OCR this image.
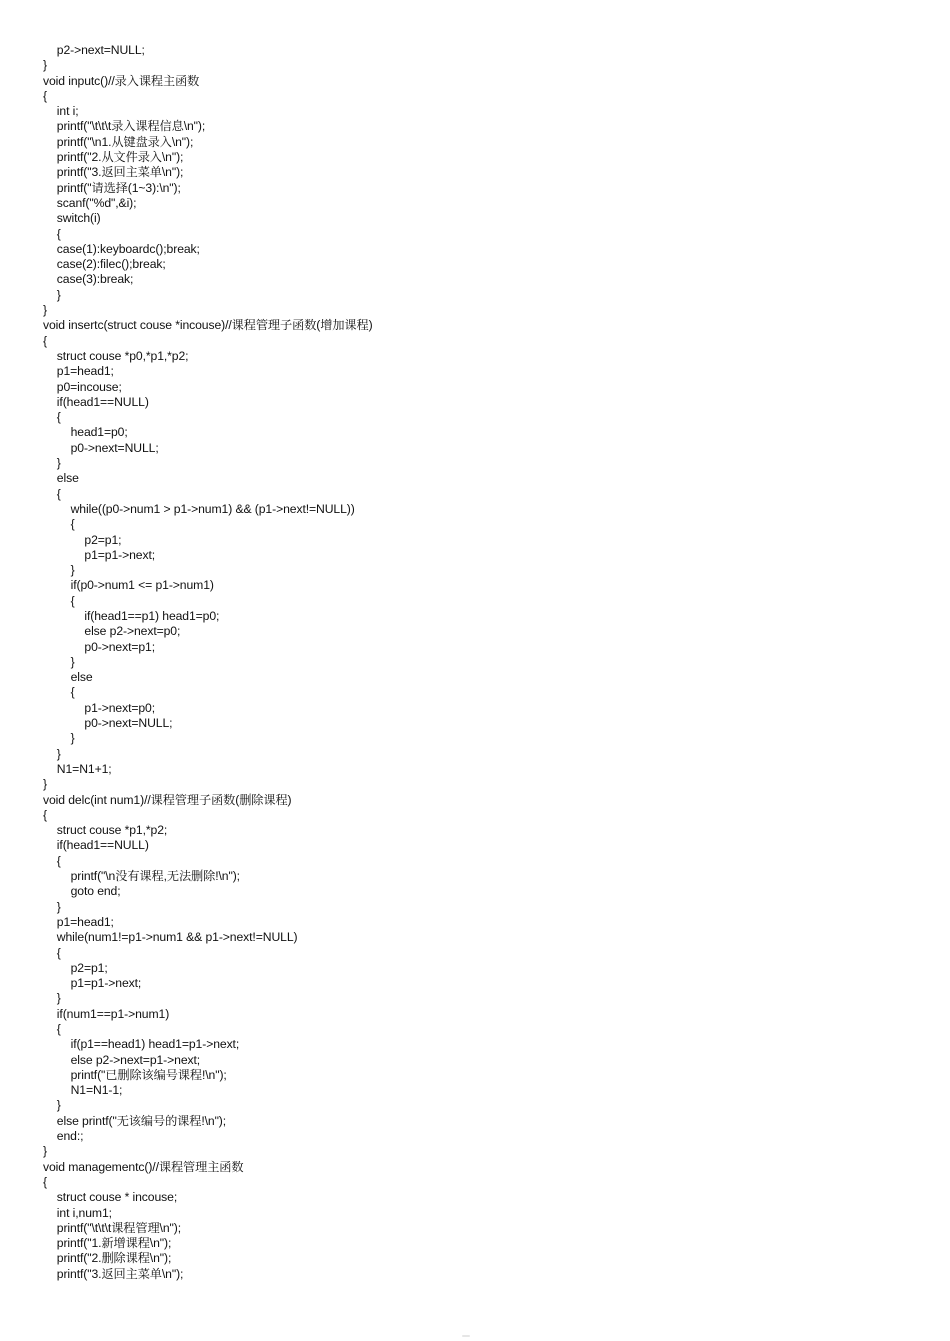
p2->next=NULL;
}
void inputc()//录入课程主函数
{
int i;
printf("\t\t\t录入课程信息\n");
printf("\n1.从键盘录入\n");
printf("2.从文件录入\n");
printf("3.返回主菜单\n");
printf("请选择(1~3):\n");
scanf("%d",&i);
switch(i)
{
case(1):keyboardc();break;
case(2):filec();break;
case(3):break;
}
}
void insertc(struct couse *incouse)//课程管理子函数(增加课程)
{
struct couse *p0,*p1,*p2;
p1=head1;
p0=incouse;
if(head1==NULL)
{
head1=p0;
p0->next=NULL;
}
else
{
while((p0->num1 > p1->num1) && (p1->next!=NULL))
{
p2=p1;
p1=p1->next;
}
if(p0->num1 <= p1->num1)
{
if(head1==p1) head1=p0;
else p2->next=p0;
p0->next=p1;
}
else
{
p1->next=p0;
p0->next=NULL;
}
}
N1=N1+1;
}
void delc(int num1)//课程管理子函数(删除课程)
{
struct couse *p1,*p2;
if(head1==NULL)
{
printf("\n没有课程,无法删除!\n");
goto end;
}
p1=head1;
while(num1!=p1->num1 && p1->next!=NULL)
{
p2=p1;
p1=p1->next;
}
if(num1==p1->num1)
{
if(p1==head1) head1=p1->next;
else p2->next=p1->next;
printf("已删除该编号课程!\n");
N1=N1-1;
}
else printf("无该编号的课程!\n");
end:;
}
void managementc()//课程管理主函数
{
struct couse * incouse;
int i,num1;
printf("\t\t\t课程管理\n");
printf("1.新增课程\n");
printf("2.删除课程\n");
printf("3.返回主菜单\n");
